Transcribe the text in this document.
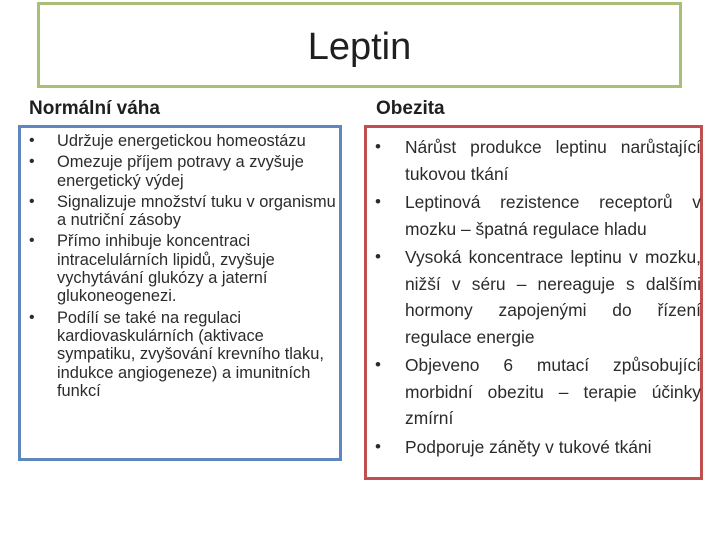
Leptin
Normální váha	Obezita
• Udržuje energetickou homeostázu
• Omezuje příjem potravy a zvyšuje energetický výdej
• Signalizuje množství tuku v organismu a nutriční zásoby
• Přímo inhibuje koncentraci intracelulárních lipidů, zvyšuje vychytávání glukózy a jaterní glukoneogenezi.
• Podílí se také na regulaci kardiovaskulárních (aktivace sympatiku, zvyšování krevního tlaku, indukce angiogeneze) a imunitních funkcí
• Nárůst produkce leptinu narůstající tukovou tkání
• Leptinová rezistence receptorů v mozku – špatná regulace hladu
• Vysoká koncentrace leptinu v mozku, nižší v séru – nereaguje s dalšími hormony zapojenými do řízení regulace energie
• Objeveno 6 mutací způsobující morbidní obezitu – terapie účinky zmírní
• Podporuje záněty v tukové tkáni
